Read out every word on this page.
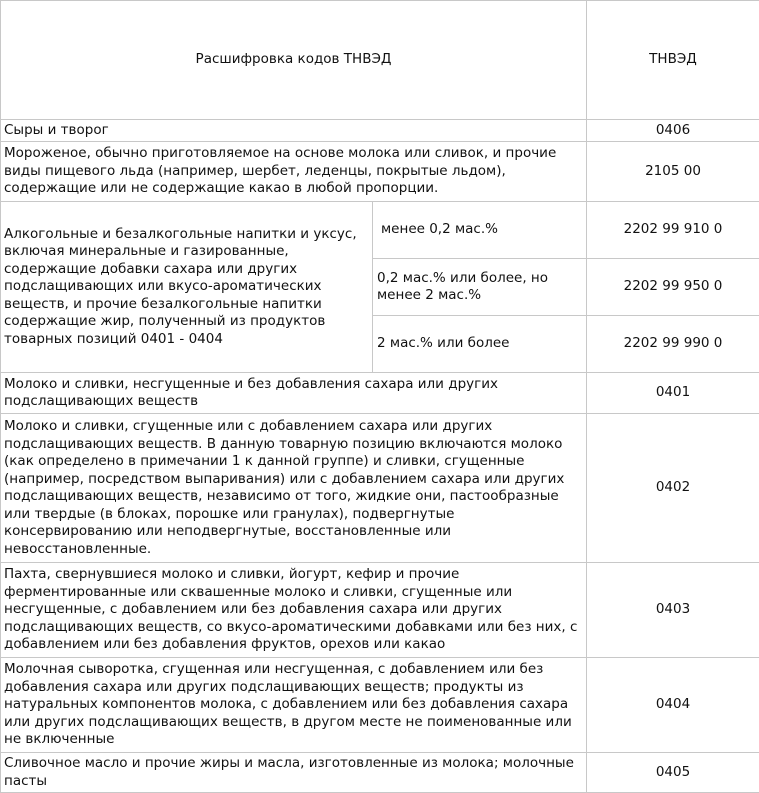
Расшифровка кодов ТНВЭД		ТНВЭД
Сыры и творог		0406
Мороженое, обычно приготовляемое на основе молока или сливок, и прочие виды пищевого льда (например, шербет, леденцы, покрытые льдом), содержащие или не содержащие какао в любой пропорции.		2105 00
Алкогольные и безалкогольные напитки и уксус, включая минеральные и газированные, содержащие добавки сахара или других подслащивающих или вкусо-ароматических веществ, и прочие безалкогольные напитки содержащие жир, полученный из продуктов товарных позиций 0401 - 0404	менее 0,2 мас.%	2202 99 910 0
	0,2 мас.% или более, но менее 2 мас.%	2202 99 950 0
	2 мас.% или более	2202 99 990 0
Молоко и сливки, несгущенные и без добавления сахара или других подслащивающих веществ		0401
Молоко и сливки, сгущенные или с добавлением сахара или других подслащивающих веществ. В данную товарную позицию включаются молоко (как определено в примечании 1 к данной группе) и сливки, сгущенные (например, посредством выпаривания) или с добавлением сахара или других подслащивающих веществ, независимо от того, жидкие они, пастообразные или твердые (в блоках, порошке или гранулах), подвергнутые консервированию или неподвергнутые, восстановленные или невосстановленные.		0402
Пахта, свернувшиеся молоко и сливки, йогурт, кефир и прочие ферментированные или сквашенные молоко и сливки, сгущенные или несгущенные, с добавлением или без добавления сахара или других подслащивающих веществ, со вкусо-ароматическими добавками или без них, с добавлением или без добавления фруктов, орехов или какао		0403
Молочная сыворотка, сгущенная или несгущенная, с добавлением или без добавления сахара или других подслащивающих веществ; продукты из натуральных компонентов молока, с добавлением или без добавления сахара или других подслащивающих веществ, в другом месте не поименованные или не включенные		0404
Сливочное масло и прочие жиры и масла, изготовленные из молока; молочные пасты		0405
